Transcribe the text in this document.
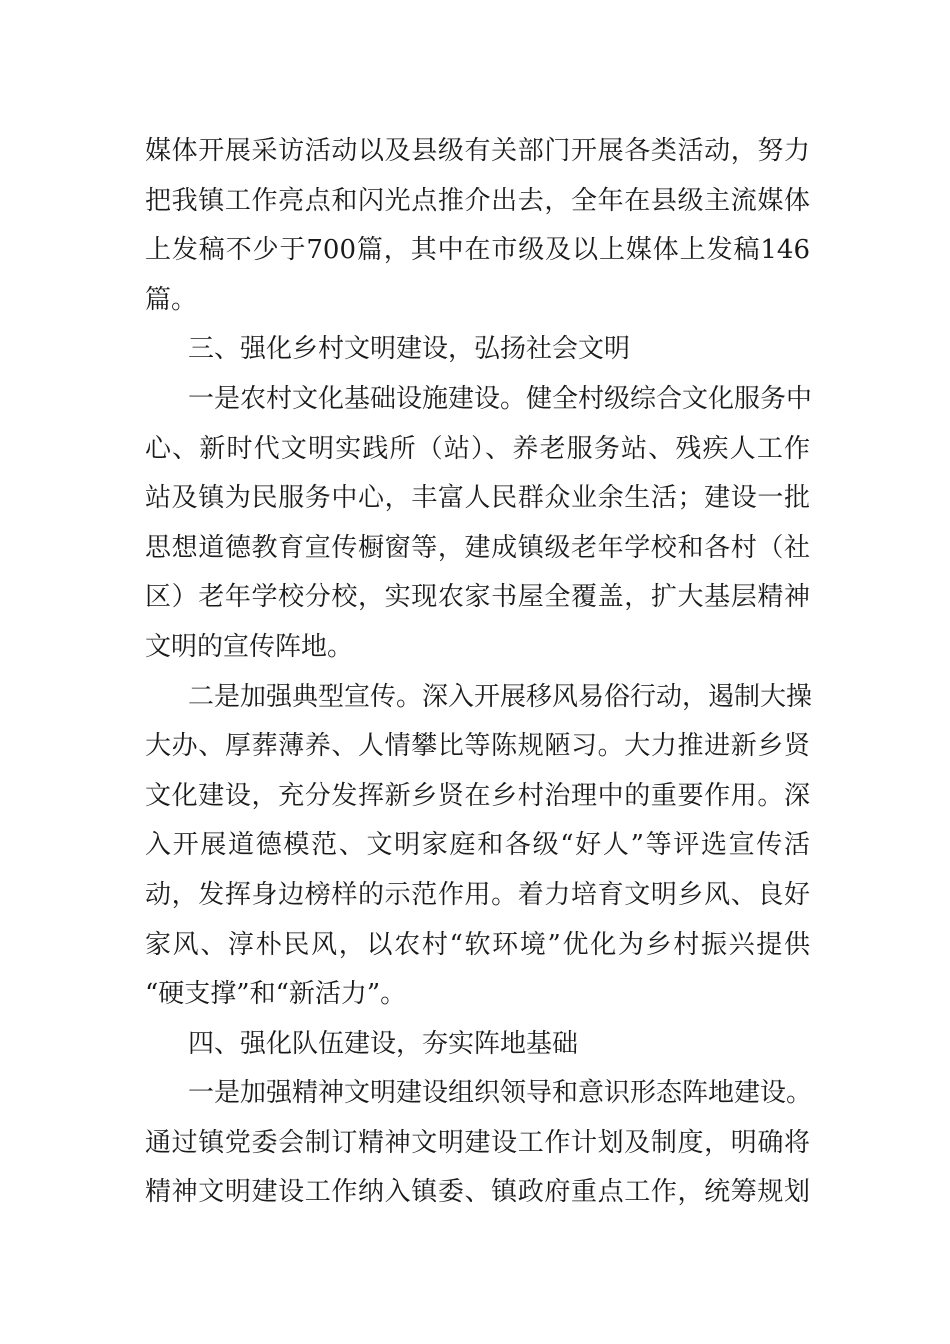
媒体开展采访活动以及县级有关部门开展各类活动，努力
把我镇工作亮点和闪光点推介出去，全年在县级主流媒体
上发稿不少于700篇，其中在市级及以上媒体上发稿146
篇。
三、强化乡村文明建设，弘扬社会文明
一是农村文化基础设施建设。健全村级综合文化服务中
心、新时代文明实践所（站）、养老服务站、残疾人工作
站及镇为民服务中心，丰富人民群众业余生活；建设一批
思想道德教育宣传橱窗等，建成镇级老年学校和各村（社
区）老年学校分校，实现农家书屋全覆盖，扩大基层精神
文明的宣传阵地。
二是加强典型宣传。深入开展移风易俗行动，遏制大操
大办、厚葬薄养、人情攀比等陈规陋习。大力推进新乡贤
文化建设，充分发挥新乡贤在乡村治理中的重要作用。深
入开展道德模范、文明家庭和各级“好人”等评选宣传活
动，发挥身边榜样的示范作用。着力培育文明乡风、良好
家风、淳朴民风，以农村“软环境”优化为乡村振兴提供
“硬支撑”和“新活力”。
四、强化队伍建设，夯实阵地基础
一是加强精神文明建设组织领导和意识形态阵地建设。
通过镇党委会制订精神文明建设工作计划及制度，明确将
精神文明建设工作纳入镇委、镇政府重点工作，统筹规划
